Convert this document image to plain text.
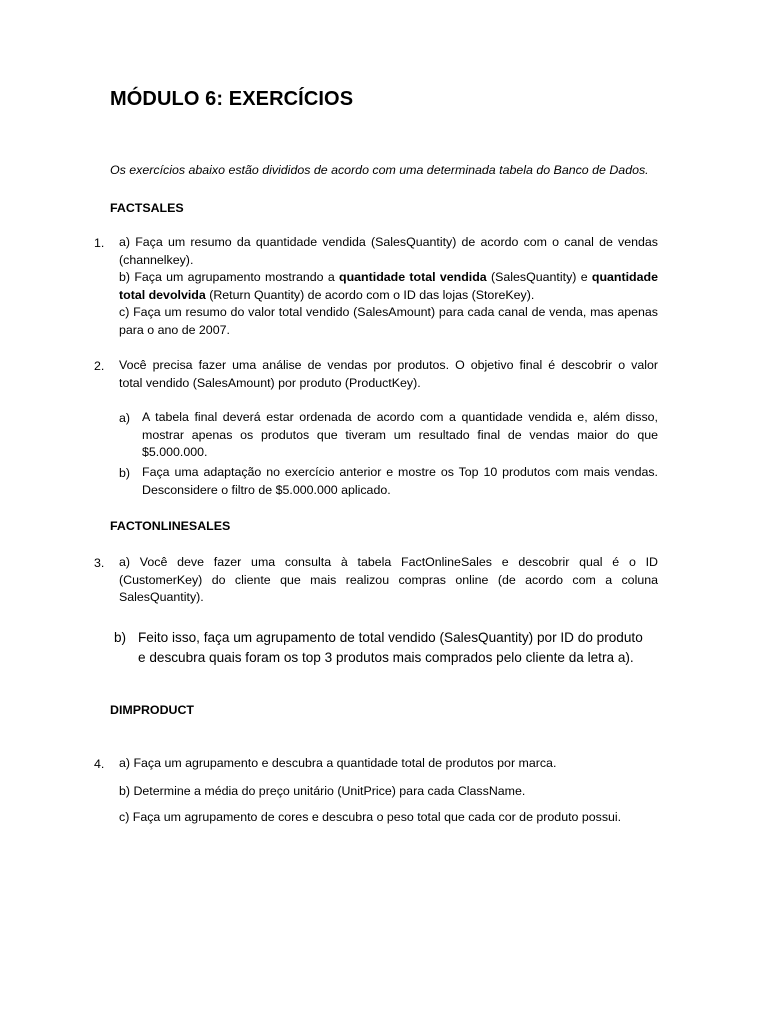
MÓDULO 6: EXERCÍCIOS
Os exercícios abaixo estão divididos de acordo com uma determinada tabela do Banco de Dados.
FACTSALES
1. a) Faça um resumo da quantidade vendida (SalesQuantity) de acordo com o canal de vendas
(channelkey).
b) Faça um agrupamento mostrando a quantidade total vendida (SalesQuantity) e quantidade
total devolvida (Return Quantity) de acordo com o ID das lojas (StoreKey).
c) Faça um resumo do valor total vendido (SalesAmount) para cada canal de venda, mas apenas
para o ano de 2007.
2. Você precisa fazer uma análise de vendas por produtos. O objetivo final é descobrir o valor
total vendido (SalesAmount) por produto (ProductKey).
a) A tabela final deverá estar ordenada de acordo com a quantidade vendida e, além disso,
mostrar apenas os produtos que tiveram um resultado final de vendas maior do que
$5.000.000.
b) Faça uma adaptação no exercício anterior e mostre os Top 10 produtos com mais vendas.
Desconsidere o filtro de $5.000.000 aplicado.
FACTONLINESALES
3. a) Você deve fazer uma consulta à tabela FactOnlineSales e descobrir qual é o ID
(CustomerKey) do cliente que mais realizou compras online (de acordo com a coluna
SalesQuantity).
b) Feito isso, faça um agrupamento de total vendido (SalesQuantity) por ID do produto
e descubra quais foram os top 3 produtos mais comprados pelo cliente da letra a).
DIMPRODUCT
4. a) Faça um agrupamento e descubra a quantidade total de produtos por marca.
b) Determine a média do preço unitário (UnitPrice) para cada ClassName.
c) Faça um agrupamento de cores e descubra o peso total que cada cor de produto possui.
